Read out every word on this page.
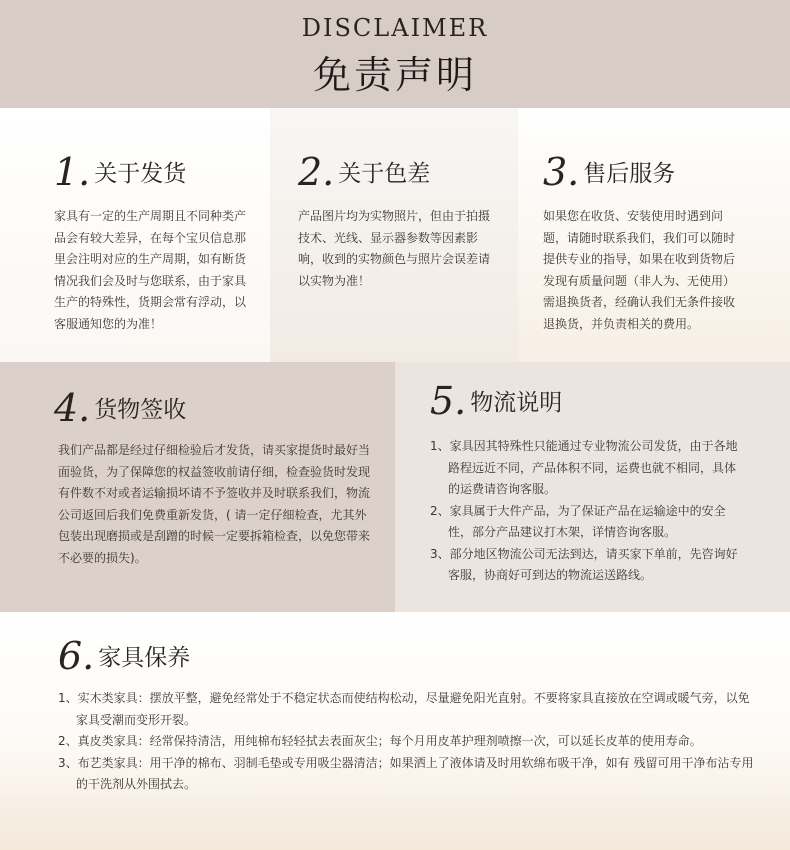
DISCLAIMER
免责声明
1. 关于发货
家具有一定的生产周期且不同种类产品会有较大差异，在每个宝贝信息那里会注明对应的生产周期，如有断货情况我们会及时与您联系，由于家具生产的特殊性，货期会常有浮动，以客服通知您的为准！
2. 关于色差
产品图片均为实物照片，但由于拍摄技术、光线、显示器参数等因素影响，收到的实物颜色与照片会误差请以实物为准！
3. 售后服务
如果您在收货、安装使用时遇到问题，请随时联系我们，我们可以随时提供专业的指导，如果在收到货物后发现有质量问题（非人为、无使用）需退换货者，经确认我们无条件接收退换货，并负责相关的费用。
4. 货物签收
我们产品都是经过仔细检验后才发货，请买家提货时最好当面验货，为了保障您的权益签收前请仔细，检查验货时发现有件数不对或者运输损坏请不予签收并及时联系我们，物流公司返回后我们免费重新发货，( 请一定仔细检查，尤其外包装出现磨损或是刮蹭的时候一定要拆箱检查，以免您带来不必要的损失)。
5. 物流说明
1、家具因其特殊性只能通过专业物流公司发货，由于各地路程远近不同，产品体积不同，运费也就不相同，具体的运费请咨询客服。
2、家具属于大件产品，为了保证产品在运输途中的安全性，部分产品建议打木架，详情咨询客服。
3、部分地区物流公司无法到达，请买家下单前，先咨询好客服，协商好可到达的物流运送路线。
6. 家具保养
1、实木类家具：摆放平整，避免经常处于不稳定状态而使结构松动，尽量避免阳光直射。不要将家具直接放在空调或暖气旁，以免家具受潮而变形开裂。
2、真皮类家具：经常保持清洁，用纯棉布轻轻拭去表面灰尘；每个月用皮革护理剂喷擦一次，可以延长皮革的使用寿命。
3、布艺类家具：用干净的棉布、羽制毛垫或专用吸尘器清洁；如果洒上了液体请及时用软绵布吸干净，如有 残留可用干净布沾专用的干洗剂从外围拭去。
